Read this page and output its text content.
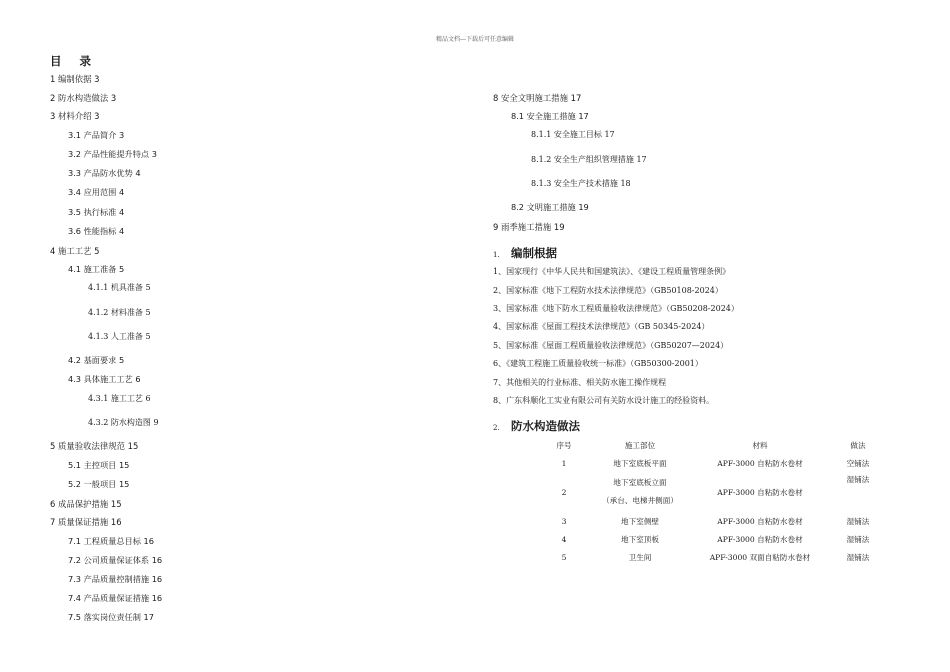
精品文档---下载后可任意编辑
目 录
1 编制依据 3
2 防水构造做法 3
3 材料介绍 3
3.1 产品简介 3
3.2 产品性能提升特点 3
3.3 产品防水优势 4
3.4 应用范围 4
3.5 执行标准 4
3.6 性能指标 4
4 施工工艺 5
4.1 施工准备 5
4.1.1 机具准备 5
4.1.2 材料准备 5
4.1.3 人工准备 5
4.2 基面要求 5
4.3 具体施工工艺 6
4.3.1 施工工艺 6
4.3.2 防水构造图 9
5 质量验收法律规范 15
5.1 主控项目 15
5.2 一般项目 15
6 成品保护措施 15
7 质量保证措施 16
7.1 工程质量总目标 16
7.2 公司质量保证体系 16
7.3 产品质量控制措施 16
7.4 产品质量保证措施 16
7.5 落实岗位责任制 17
8 安全文明施工措施 17
8.1 安全施工措施 17
8.1.1 安全施工目标 17
8.1.2 安全生产组织管理措施 17
8.1.3 安全生产技术措施 18
8.2 文明施工措施 19
9 雨季施工措施 19
1. 编制根据
1、国家现行《中华人民共和国建筑法》、《建设工程质量管理条例》
2、国家标准《地下工程防水技术法律规范》（GB50108-2024）
3、国家标准《地下防水工程质量验收法律规范》（GB50208-2024）
4、国家标准《屋面工程技术法律规范》（GB 50345-2024）
5、国家标准《屋面工程质量验收法律规范》（GB50207—2024）
6、《建筑工程施工质量验收统一标准》（GB50300-2001）
7、其他相关的行业标准、相关防水施工操作规程
8、广东科顺化工实业有限公司有关防水设计施工的经验资料。
2. 防水构造做法
序号	施工部位	材料	做法
1	地下室底板平面	APF-3000 自粘防水卷材	空铺法
2	地下室底板立面
（承台、电梯井侧面）	APF-3000 自粘防水卷材	湿铺法
3	地下室侧壁	APF-3000 自粘防水卷材	湿铺法
4	地下室顶板	APF-3000 自粘防水卷材	湿铺法
5	卫生间	APF-3000 双面自粘防水卷材	湿铺法
